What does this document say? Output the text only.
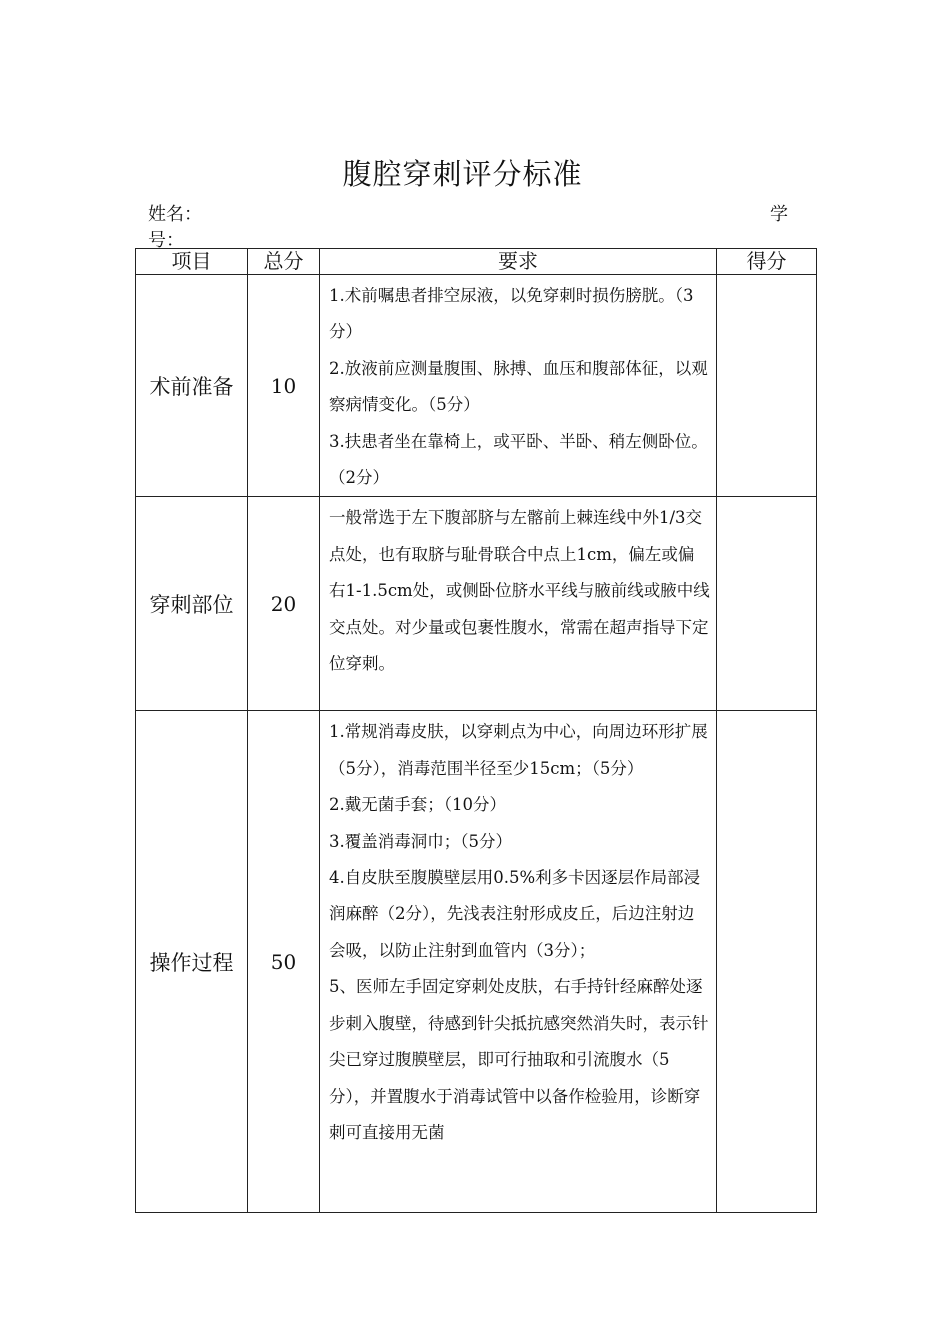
腹腔穿刺评分标准
姓名：	学
号：
项目	总分	要求	得分
术前准备	10	1.术前嘱患者排空尿液，以免穿刺时损伤膀胱。（3分）

2.放液前应测量腹围、脉搏、血压和腹部体征，以观察病情变化。（5分）

3.扶患者坐在靠椅上，或平卧、半卧、稍左侧卧位。（2分）	

穿刺部位	20	一般常选于左下腹部脐与左髂前上棘连线中外1/3交点处，也有取脐与耻骨联合中点上1cm，偏左或偏右1-1.5cm处，或侧卧位脐水平线与腋前线或腋中线交点处。对少量或包裹性腹水，常需在超声指导下定位穿刺。	

操作过程	50	1.常规消毒皮肤，以穿刺点为中心，向周边环形扩展（5分），消毒范围半径至少15cm；（5分）

2.戴无菌手套；（10分）

3.覆盖消毒洞巾；（5分）

4.自皮肤至腹膜壁层用0.5%利多卡因逐层作局部浸润麻醉（2分），先浅表注射形成皮丘，后边注射边会吸，以防止注射到血管内（3分）；

5、医师左手固定穿刺处皮肤，右手持针经麻醉处逐步刺入腹壁，待感到针尖抵抗感突然消失时，表示针尖已穿过腹膜壁层，即可行抽取和引流腹水（5分），并置腹水于消毒试管中以备作检验用，诊断穿刺可直接用无菌	
